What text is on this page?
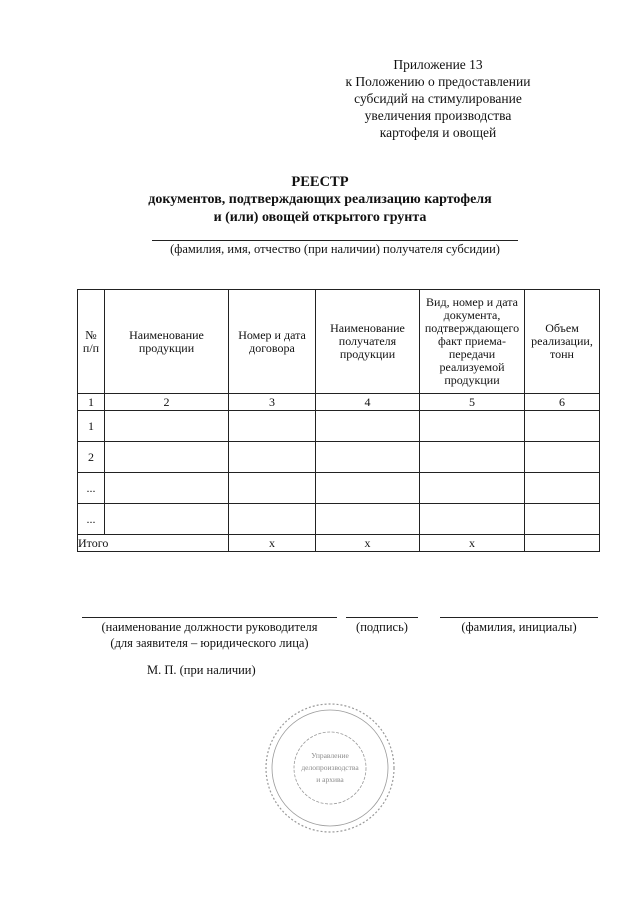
Приложение 13
к Положению о предоставлении
субсидий на стимулирование
увеличения производства
картофеля и овощей
РЕЕСТР
документов, подтверждающих реализацию картофеля
и (или) овощей открытого грунта
(фамилия, имя, отчество (при наличии) получателя субсидии)
№ п/п	Наименование продукции	Номер и дата договора	Наименование получателя продукции	Вид, номер и дата документа, подтверждающего факт приема-передачи реализуемой продукции	Объем реализации, тонн
1	2	3	4	5	6
1					
2					
...					
...					
Итого		x	x	x	
(наименование должности руководителя
(для заявителя – юридического лица)
(подпись)	(фамилия, инициалы)
М. П. (при наличии)
Управление
делопроизводства
и архива
